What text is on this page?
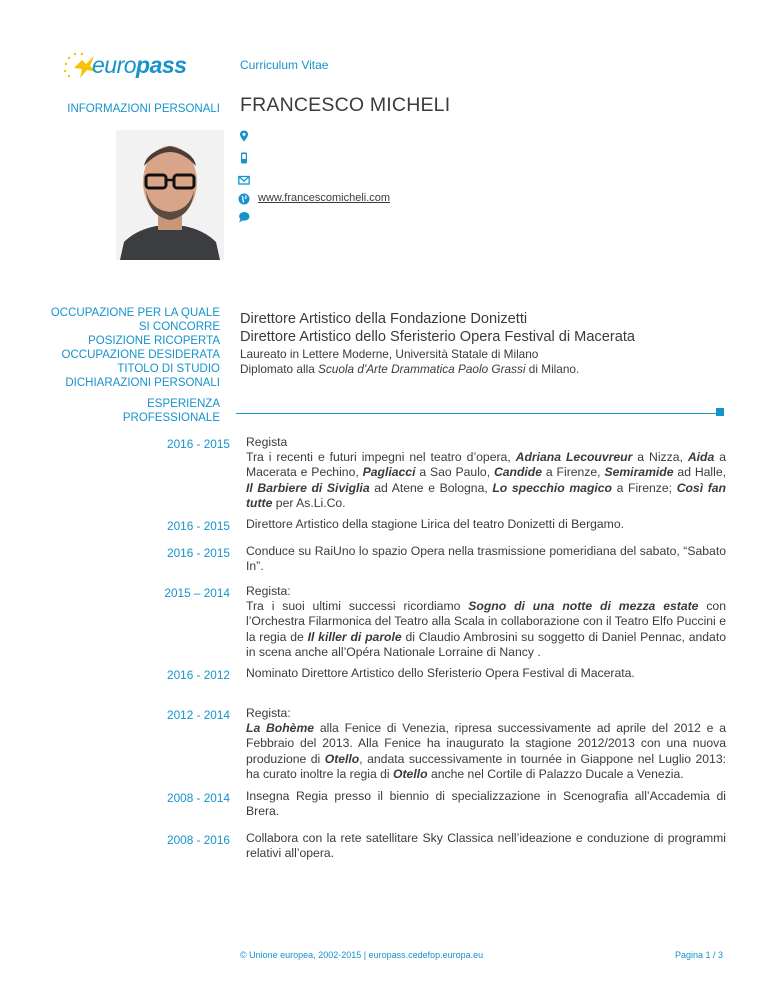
europass	Curriculum Vitae
INFORMAZIONI PERSONALI FRANCESCO MICHELI
www.francescomicheli.com
OCCUPAZIONE PER LA QUALE
SI CONCORRE
POSIZIONE RICOPERTA
OCCUPAZIONE DESIDERATA
TITOLO DI STUDIO
DICHIARAZIONI PERSONALI
Direttore Artistico della Fondazione Donizetti
Direttore Artistico dello Sferisterio Opera Festival di Macerata
Laureato in Lettere Moderne, Università Statale di Milano
Diplomato alla Scuola d'Arte Drammatica Paolo Grassi di Milano.
ESPERIENZA
PROFESSIONALE
2016 - 2015 Regista
Tra i recenti e futuri impegni nel teatro d’opera, Adriana Lecouvreur a Nizza, Aida a Macerata e Pechino, Pagliacci a Sao Paulo, Candide a Firenze, Semiramide ad Halle, Il Barbiere di Siviglia ad Atene e Bologna, Lo specchio magico a Firenze; Così fan tutte per As.Li.Co.
2016 - 2015 Direttore Artistico della stagione Lirica del teatro Donizetti di Bergamo.
2016 - 2015 Conduce su RaiUno lo spazio Opera nella trasmissione pomeridiana del sabato, “Sabato In”.
2015 – 2014 Regista:
Tra i suoi ultimi successi ricordiamo Sogno di una notte di mezza estate con l’Orchestra Filarmonica del Teatro alla Scala in collaborazione con il Teatro Elfo Puccini e la regia de Il killer di parole di Claudio Ambrosini su soggetto di Daniel Pennac, andato in scena anche all’Opéra Nationale Lorraine di Nancy .
2016 - 2012 Nominato Direttore Artistico dello Sferisterio Opera Festival di Macerata.
2012 - 2014 Regista:
La Bohème alla Fenice di Venezia, ripresa successivamente ad aprile del 2012 e a Febbraio del 2013. Alla Fenice ha inaugurato la stagione 2012/2013 con una nuova produzione di Otello, andata successivamente in tournée in Giappone nel Luglio 2013: ha curato inoltre la regia di Otello anche nel Cortile di Palazzo Ducale a Venezia.
2008 - 2014 Insegna Regia presso il biennio di specializzazione in Scenografia all’Accademia di Brera.
2008 - 2016 Collabora con la rete satellitare Sky Classica nell’ideazione e conduzione di programmi relativi all’opera.
© Unione europea, 2002-2015 | europass.cedefop.europa.eu	Pagina 1 / 3
